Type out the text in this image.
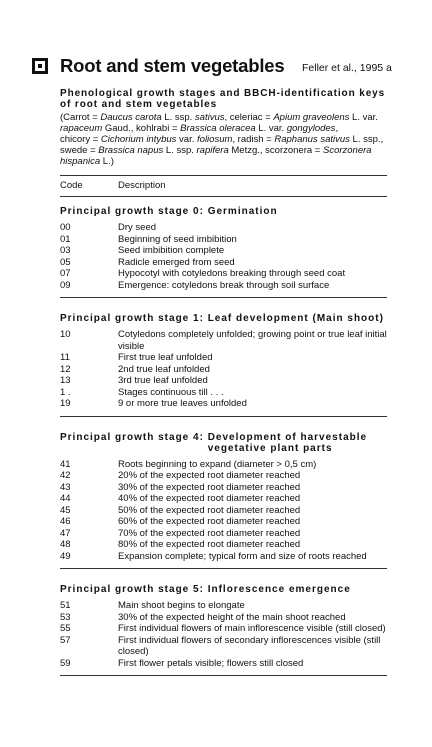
Root and stem vegetables Feller et al., 1995 a
Phenological growth stages and BBCH-identification keys
of root and stem vegetables
(Carrot = Daucus carota L. ssp. sativus, celeriac = Apium graveolens L. var.
rapaceum Gaud., kohlrabi = Brassica oleracea L. var. gongylodes,
chicory = Cichorium intybus var. foliosum, radish = Raphanus sativus L. ssp.,
swede = Brassica napus L. ssp. rapifera Metzg., scorzonera = Scorzonera
hispanica L.)
Code	Description
Principal growth stage 0: Germination
00	Dry seed
01	Beginning of seed imbibition
03	Seed imbibition complete
05	Radicle emerged from seed
07	Hypocotyl with cotyledons breaking through seed coat
09	Emergence: cotyledons break through soil surface
Principal growth stage 1: Leaf development (Main shoot)
10	Cotyledons completely unfolded; growing point or true leaf initial visible
11	First true leaf unfolded
12	2nd true leaf unfolded
13	3rd true leaf unfolded
1 .	Stages continuous till . . .
19	9 or more true leaves unfolded
Principal growth stage 4: Development of harvestable vegetative plant parts
41	Roots beginning to expand (diameter > 0,5 cm)
42	20% of the expected root diameter reached
43	30% of the expected root diameter reached
44	40% of the expected root diameter reached
45	50% of the expected root diameter reached
46	60% of the expected root diameter reached
47	70% of the expected root diameter reached
48	80% of the expected root diameter reached
49	Expansion complete; typical form and size of roots reached
Principal growth stage 5: Inflorescence emergence
51	Main shoot begins to elongate
53	30% of the expected height of the main shoot reached
55	First individual flowers of main inflorescence visible (still closed)
57	First individual flowers of secondary inflorescences visible (still closed)
59	First flower petals visible; flowers still closed
